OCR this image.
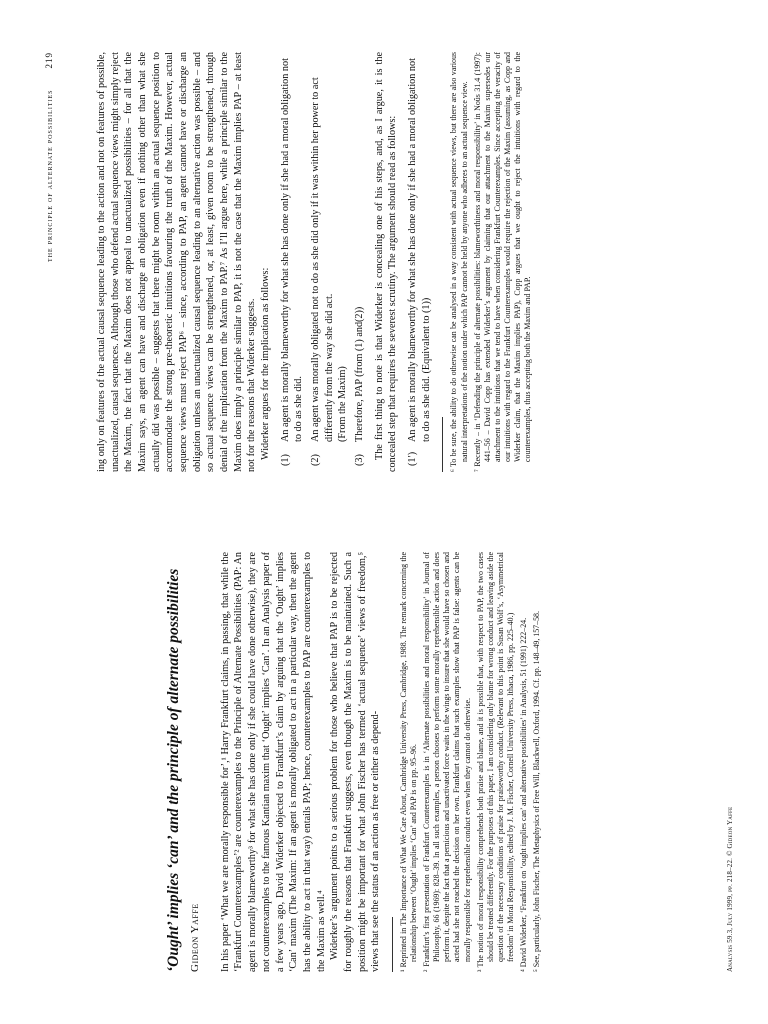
‘Ought’ implies ‘can’ and the principle of alternate possibilities Gideon Yaffe In his paper ‘What we are morally responsible for’,¹ Harry Frankfurt claims, in passing, that while the ‘Frankfurt Counterexamples’² are counterexamples to the Principle of Alternate Possibilities (PAP: An agent is morally blameworthy³ for what she has done only if she could have done otherwise), they are not counterexamples to the famous Kantian maxim that ‘Ought’ implies ‘Can’. In an Analysis paper of a few years ago, David Widerker objected to Frankfurt’s claim by arguing that the ‘Ought’ implies ‘Can’ maxim (The Maxim: If an agent is morally obligated to act in a particular way, then the agent has the ability to act in that way) entails PAP; hence, counterexamples to PAP are counterexamples to the Maxim as well.⁴ Widerker’s argument points to a serious problem for those who believe that PAP is to be rejected for roughly the reasons that Frankfurt suggests, even though the Maxim is to be maintained. Such a position might be important for what John Fischer has termed ‘actual sequence’ views of freedom,⁵ views that see the status of an action as free or either as depend- ¹ Reprinted in The Importance of What We Care About, Cambridge University Press, Cambridge, 1988. The remark concerning the relationship between ‘Ought’ implies ‘Can’ and PAP is on pp. 95–96. ² Frankfurt’s first presentation of Frankfurt Counterexamples is in ‘Alternate possibilities and moral responsibility’ in Journal of Philosophy, 66 (1969): 828–39. In all such examples, a person chooses to perform some morally reprehensible action and does perform it, despite the fact that a pernicious and unactivated force waits in the wings to insure that she would have so chosen and acted had she not reached the decision on her own. Frankfurt claims that such examples show that PAP is false: agents can be morally responsible for reprehensible conduct even when they cannot do otherwise. ³ The notion of moral responsibility comprehends both praise and blame, and it is possible that, with respect to PAP, the two cases should be treated differently. For the purposes of this paper, I am considering only blame for wrong conduct and leaving aside the question of the necessary conditions of praise for praiseworthy conduct. (Relevant to this point is Susan Wolf’s, ‘Asymmetrical freedom’ in Moral Responsibility, edited by J. M. Fischer, Cornell University Press, Ithaca, 1986, pp. 225–40.) ⁴ David Widerker, ‘Frankfurt on ‘ought implies can’ and alternative possibilities’ in Analysis, 51 (1991) 222–24. ⁵ See, particularly, John Fischer, The Metaphysics of Free Will, Blackwell, Oxford, 1994. Cf. pp. 148–49, 157–58.	Analysis 59.3, July 1999, pp. 218–22. © Gideon Yaffe
the principle of alternate possibilities 219	ing only on features of the actual causal sequence leading to the action and not on features of possible, unactualized, causal sequences. Although those who defend actual sequence views might simply reject the Maxim, the fact that the Maxim does not appeal to unactualized possibilities – for all that the Maxim says, an agent can have and discharge an obligation even if nothing other than what she actually did was possible – suggests that there might be room within an actual sequence position to accommodate the strong pre-theoretic intuitions favouring the truth of the Maxim. However, actual sequence views must reject PAP⁶ – since, according to PAP, an agent cannot have or discharge an obligation unless an unactualized causal sequence leading to an alternative action was possible – and so actual sequence views can be strengthened, or, at least, given room to be strengthened, through denial of the implication from the Maxim to PAP.⁷ As I’ll argue here, while a principle similar to the Maxim does imply a principle similar to PAP, it is not the case that the Maxim implies PAP – at least not for the reasons that Widerker suggests. Widerker argues for the implication as follows:

(1)
An agent is morally blameworthy for what she has done only if she had a moral obligation not to do as she did.
(2)
An agent was morally obligated not to do as she did only if it was within her power to act differently from the way she did act. (From the Maxim)
(3)
Therefore, PAP (from (1) and(2)) The first thing to note is that Widerker is concealing one of his steps, and, as I argue, it is the concealed step that requires the severest scrutiny. The argument should read as follows: (1′)
An agent is morally blameworthy for what she has done only if she had a moral obligation not to do as she did. (Equivalent to (1)) ⁶ To be sure, the ability to do otherwise can be analysed in a way consistent with actual sequence views, but there are also various natural interpretations of the notion under which PAP cannot be held by anyone who adheres to an actual sequence view. ⁷ Recently – in ‘Defending the principle of alternate possibilities: blameworthiness and moral responsibility’ in Noûs 31.4 (1997): 441–56 – David Copp has extended Widerker’s argument by claiming that our attachment to the Maxim supersedes our attachment to the intuitions that we tend to have when considering Frankfurt Counterexamples. Since accepting the veracity of our intuitions with regard to the Frankfurt Counterexamples would require the rejection of the Maxim (assuming, as Copp and Widerker claim, that the Maxim implies PAP), Copp argues that we ought to reject the intuitions with regard to the counterexamples, thus accepting both the Maxim and PAP.
